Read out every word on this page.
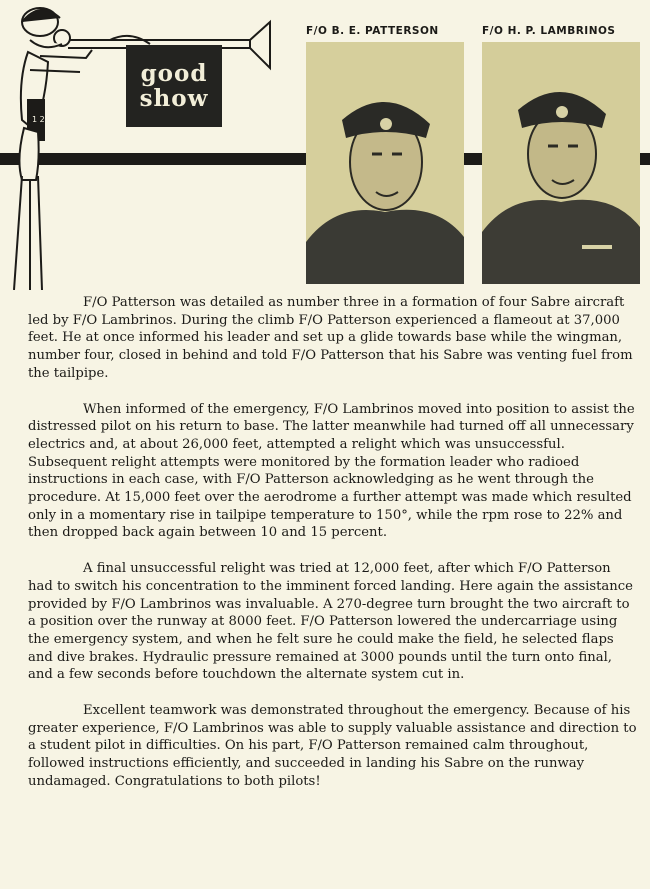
1 2
good
show
F/O B. E. PATTERSON	F/O H. P. LAMBRINOS

F/O Patterson was detailed as number three in a formation of four Sabre aircraft led by F/O Lambrinos. During the climb F/O Patterson experienced a flameout at 37,000 feet. He at once informed his leader and set up a glide towards base while the wingman, number four, closed in behind and told F/O Patterson that his Sabre was venting fuel from the tailpipe.

When informed of the emergency, F/O Lambrinos moved into position to assist the distressed pilot on his return to base. The latter meanwhile had turned off all unnecessary electrics and, at about 26,000 feet, attempted a relight which was unsuccessful. Subsequent relight attempts were monitored by the formation leader who radioed instructions in each case, with F/O Patterson acknowledging as he went through the procedure. At 15,000 feet over the aerodrome a further attempt was made which resulted only in a momentary rise in tailpipe temperature to 150°, while the rpm rose to 22% and then dropped back again between 10 and 15 percent.

A final unsuccessful relight was tried at 12,000 feet, after which F/O Patterson had to switch his concentration to the imminent forced landing. Here again the assistance provided by F/O Lambrinos was invaluable. A 270-degree turn brought the two aircraft to a position over the runway at 8000 feet. F/O Patterson lowered the undercarriage using the emergency system, and when he felt sure he could make the field, he selected flaps and dive brakes. Hydraulic pressure remained at 3000 pounds until the turn onto final, and a few seconds before touchdown the alternate system cut in.

Excellent teamwork was demonstrated throughout the emergency. Because of his greater experience, F/O Lambrinos was able to supply valuable assistance and direction to a student pilot in difficulties. On his part, F/O Patterson remained calm throughout, followed instructions efficiently, and succeeded in landing his Sabre on the runway undamaged. Congratulations to both pilots!
